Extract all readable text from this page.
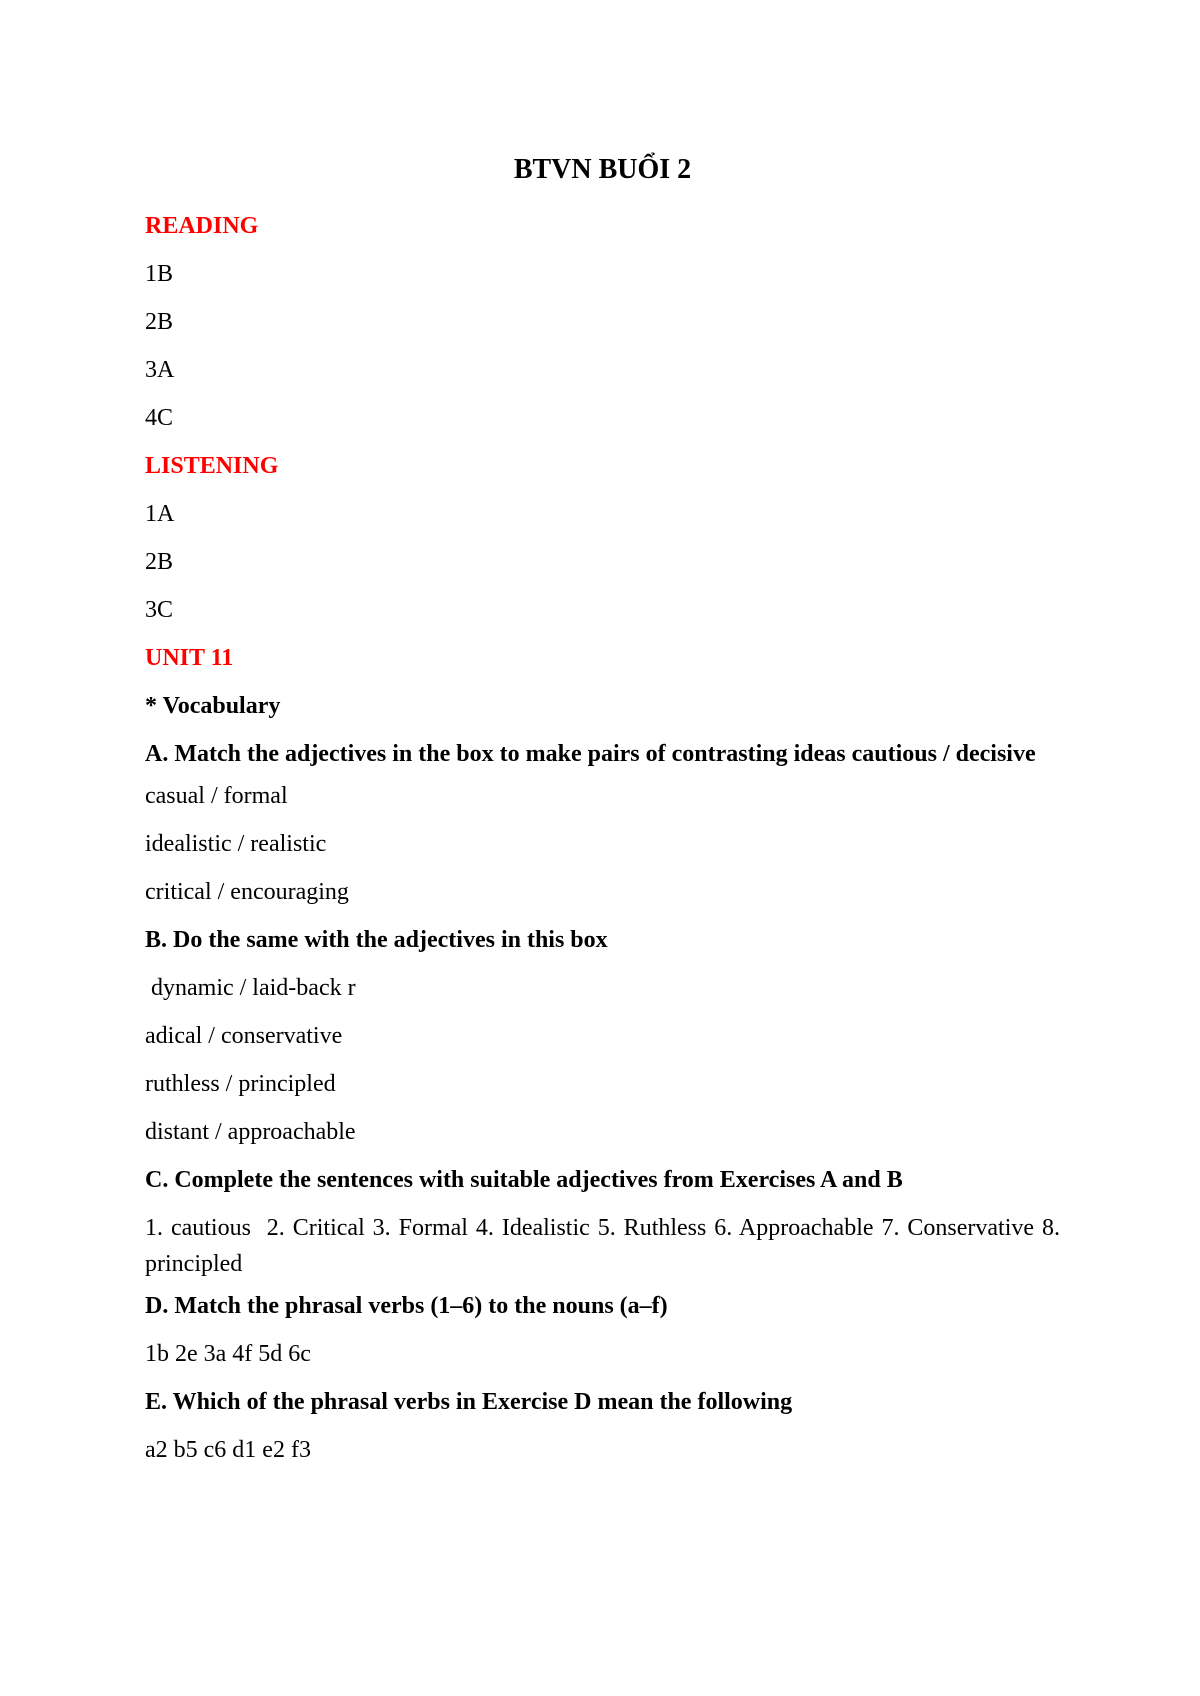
BTVN BUỔI 2
READING
1B
2B
3A
4C
LISTENING
1A
2B
3C
UNIT 11
* Vocabulary
A. Match the adjectives in the box to make pairs of contrasting ideas cautious / decisive
casual / formal
idealistic / realistic
critical / encouraging
B. Do the same with the adjectives in this box
dynamic / laid-back r
adical / conservative
ruthless / principled
distant / approachable
C. Complete the sentences with suitable adjectives from Exercises A and B
1. cautious  2. Critical 3. Formal 4. Idealistic 5. Ruthless 6. Approachable 7. Conservative 8. principled
D. Match the phrasal verbs (1–6) to the nouns (a–f)
1b 2e 3a 4f 5d 6c
E. Which of the phrasal verbs in Exercise D mean the following
a2 b5 c6 d1 e2 f3
